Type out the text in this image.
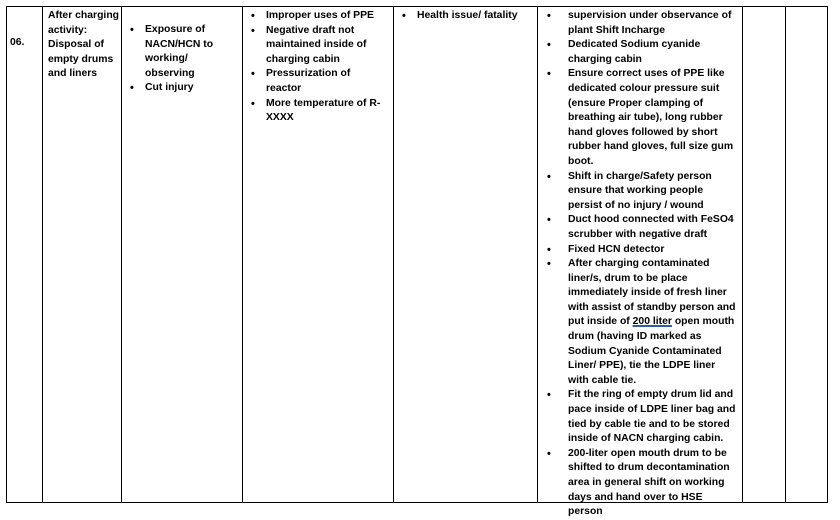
06.
After charging activity: Disposal of empty drums and liners
• Exposure of NACN/HCN to working/ observing
• Cut injury
• Improper uses of PPE
• Negative draft not maintained inside of charging cabin
• Pressurization of reactor
• More temperature of R-XXXX
• Health issue/ fatality
•	supervision under observance of plant Shift Incharge
• Dedicated Sodium cyanide charging cabin
• Ensure correct uses of PPE like dedicated colour pressure suit (ensure Proper clamping of breathing air tube), long rubber hand gloves followed by short rubber hand gloves, full size gum boot.
• Shift in charge/Safety person ensure that working people persist of no injury / wound
• Duct hood connected with FeSO4 scrubber with negative draft
• Fixed HCN detector
• After charging contaminated liner/s, drum to be place immediately inside of fresh liner with assist of standby person and put inside of 200 liter open mouth drum (having ID marked as Sodium Cyanide Contaminated Liner/ PPE), tie the LDPE liner with cable tie.
• Fit the ring of empty drum lid and pace inside of LDPE liner bag and tied by cable tie and to be stored inside of NACN charging cabin.
• 200-liter open mouth drum to be shifted to drum decontamination area in general shift on working days and hand over to HSE person
